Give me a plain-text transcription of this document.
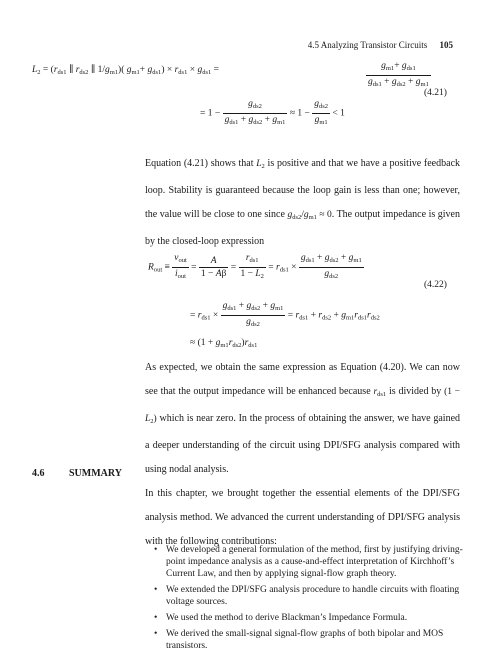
4.5 Analyzing Transistor Circuits 105
$L_2 = (r_{ds1}$ ∥ $r_{ds2}$ ∥ $1/g_{m1}$)( $g_{m1}+ g_{ds1}) \times r_{ds1} \times g_{ds1}$ =	$\frac{g_{m1}+ g_{ds1}}{g_{ds1} + g_{ds2} + g_{m1}}$
= $1 - \frac{g_{ds2}}{g_{ds1} + g_{ds2} + g_{m1}} \approx 1 - \frac{g_{ds2}}{g_{m1}} < 1$
(4.21)
Equation (4.21) shows that $L_2$ is positive and that we have a positive feedback loop. Stability is guaranteed because the loop gain is less than one; however, the value will be close to one since $g_{ds2}/g_{m1} \approx 0$. The output impedance is given by the closed-loop expression
$R_{out} \equiv \frac{v_{out}}{i_{out}} = \frac{A}{1 - A\beta} = \frac{r_{ds1}}{1 - L_2} = r_{ds1} \times \frac{g_{ds1} + g_{ds2} + g_{m1}}{g_{ds2}}$
= $r_{ds1} \times \frac{g_{ds1} + g_{ds2} + g_{m1}}{g_{ds2}} = r_{ds1} + r_{ds2} + g_{m1}r_{ds1}r_{ds2}$
≈ $(1 + g_{m1}r_{ds2})r_{ds1}$
(4.22)
As expected, we obtain the same expression as Equation (4.20). We can now see that the output impedance will be enhanced because $r_{ds1}$ is divided by $(1 - L_2)$ which is near zero. In the process of obtaining the answer, we have gained a deeper understanding of the circuit using DPI/SFG analysis compared with using nodal analysis.
4.6 SUMMARY
In this chapter, we brought together the essential elements of the DPI/SFG analysis method. We advanced the current understanding of DPI/SFG analysis with the following contributions:
• We developed a general formulation of the method, first by justifying driving-point impedance analysis as a cause-and-effect interpretation of Kirchhoff’s Current Law, and then by applying signal-flow graph theory.
• We extended the DPI/SFG analysis procedure to handle circuits with floating voltage sources.
• We used the method to derive Blackman’s Impedance Formula.
• We derived the small-signal signal-flow graphs of both bipolar and MOS transistors.
